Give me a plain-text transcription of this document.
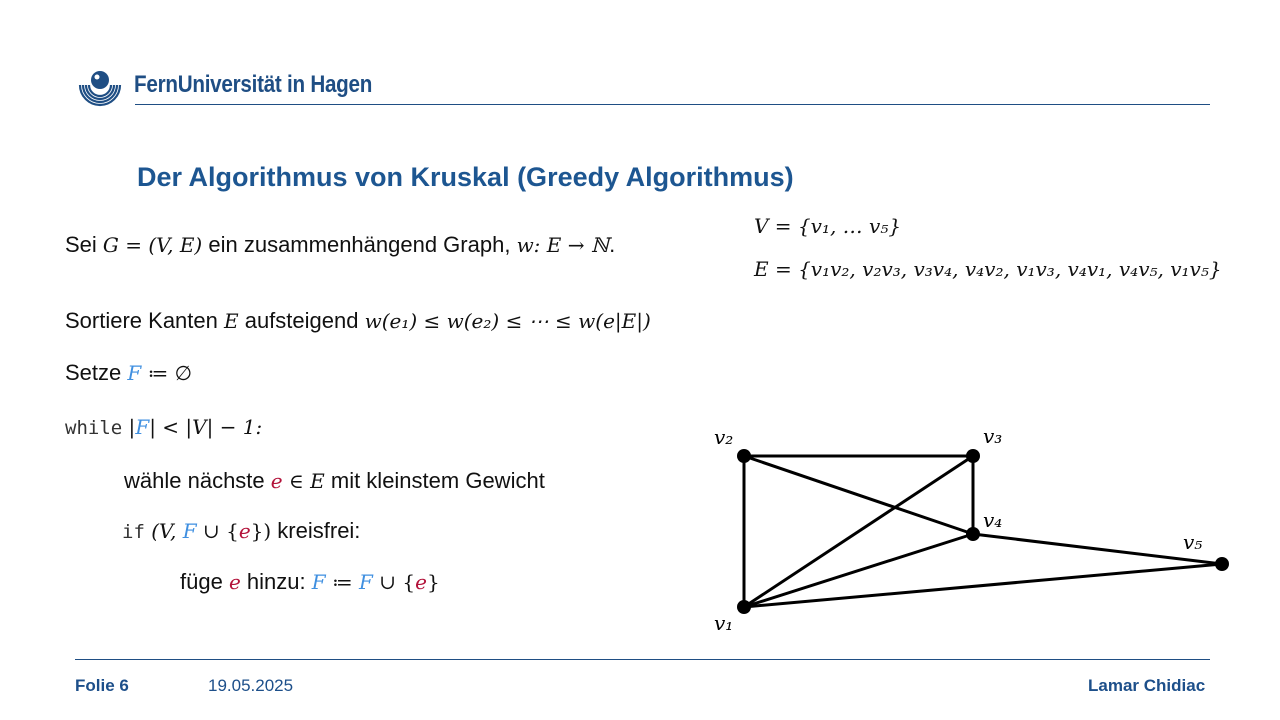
FernUniversität in Hagen
Der Algorithmus von Kruskal (Greedy Algorithmus)
Sei G = (V, E) ein zusammenhängend Graph, w: E → ℕ.
Sortiere Kanten E aufsteigend w(e₁) ≤ w(e₂) ≤ ⋯ ≤ w(e|E|)
Setze F ≔ ∅
while |F| < |V| − 1:
wähle nächste e ∈ E mit kleinstem Gewicht
if (V, F ∪ {e}) kreisfrei:
füge e hinzu: F ≔ F ∪ {e}
V = {v₁, … v₅}
E = {v₁v₂, v₂v₃, v₃v₄, v₄v₂, v₁v₃, v₄v₁, v₄v₅, v₁v₅}
v₁
v₂	v₃
v₄
v₅
Folie 6	19.05.2025	Lamar Chidiac
